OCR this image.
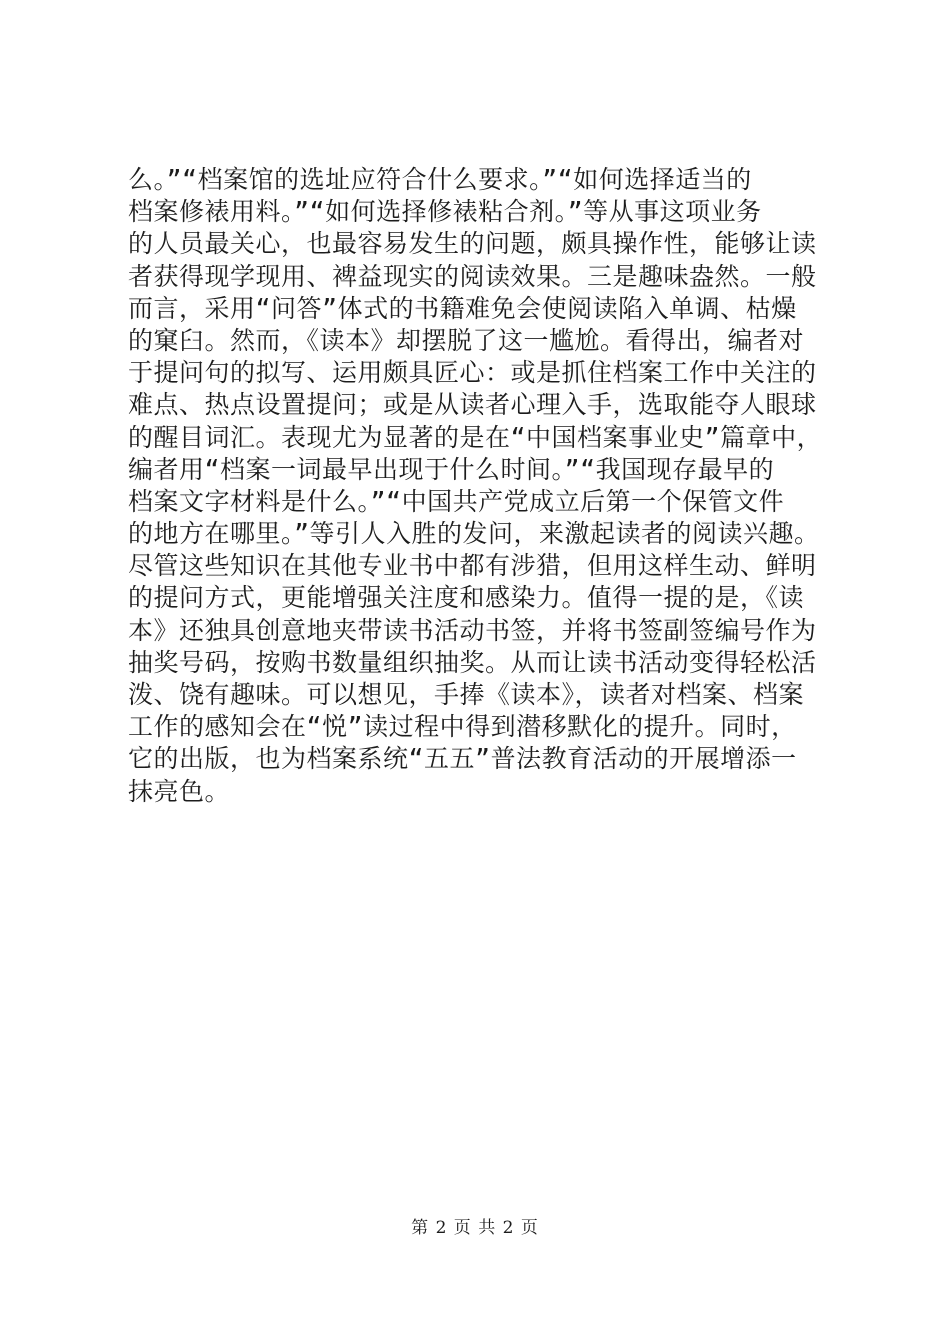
么。”“档案馆的选址应符合什么要求。”“如何选择适当的
档案修裱用料。”“如何选择修裱粘合剂。”等从事这项业务
的人员最关心，也最容易发生的问题，颇具操作性，能够让读
者获得现学现用、裨益现实的阅读效果。三是趣味盎然。一般
而言，采用“问答”体式的书籍难免会使阅读陷入单调、枯燥
的窠臼。然而，《读本》却摆脱了这一尴尬。看得出，编者对
于提问句的拟写、运用颇具匠心：或是抓住档案工作中关注的
难点、热点设置提问；或是从读者心理入手，选取能夺人眼球
的醒目词汇。表现尤为显著的是在“中国档案事业史”篇章中，
编者用“档案一词最早出现于什么时间。”“我国现存最早的
档案文字材料是什么。”“中国共产党成立后第一个保管文件
的地方在哪里。”等引人入胜的发问，来激起读者的阅读兴趣。
尽管这些知识在其他专业书中都有涉猎，但用这样生动、鲜明
的提问方式，更能增强关注度和感染力。值得一提的是，《读
本》还独具创意地夹带读书活动书签，并将书签副签编号作为
抽奖号码，按购书数量组织抽奖。从而让读书活动变得轻松活
泼、饶有趣味。可以想见，手捧《读本》，读者对档案、档案
工作的感知会在“悦”读过程中得到潜移默化的提升。同时，
它的出版，也为档案系统“五五”普法教育活动的开展增添一
抹亮色。
第 2 页 共 2 页
